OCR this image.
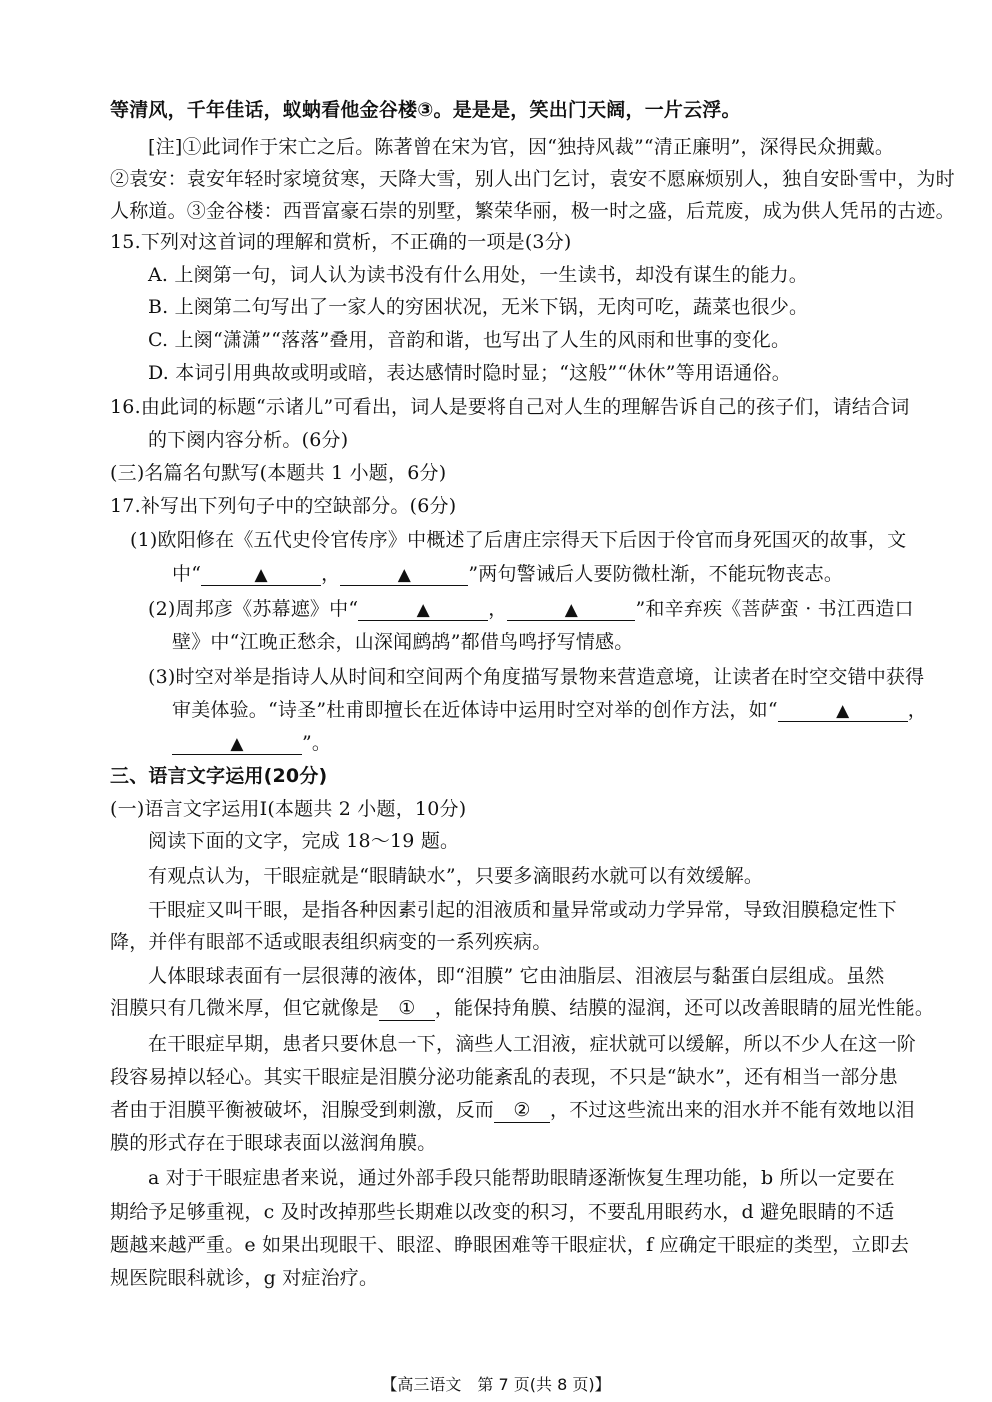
等清风，千年佳话，蚁蚋看他金谷楼③。是是是，笑出门天阔，一片云浮。
[注]①此词作于宋亡之后。陈著曾在宋为官，因“独持风裁”“清正廉明”，深得民众拥戴。
②袁安：袁安年轻时家境贫寒，天降大雪，别人出门乞讨，袁安不愿麻烦别人，独自安卧雪中，为时
人称道。③金谷楼：西晋富豪石崇的别墅，繁荣华丽，极一时之盛，后荒废，成为供人凭吊的古迹。
15.下列对这首词的理解和赏析，不正确的一项是(3分)
A. 上阕第一句，词人认为读书没有什么用处，一生读书，却没有谋生的能力。
B. 上阕第二句写出了一家人的穷困状况，无米下锅，无肉可吃，蔬菜也很少。
C. 上阕“潇潇”“落落”叠用，音韵和谐，也写出了人生的风雨和世事的变化。
D. 本词引用典故或明或暗，表达感情时隐时显；“这般”“休休”等用语通俗。
16.由此词的标题“示诸儿”可看出，词人是要将自己对人生的理解告诉自己的孩子们，请结合词
的下阕内容分析。(6分)
(三)名篇名句默写(本题共 1 小题，6分)
17.补写出下列句子中的空缺部分。(6分)
(1)欧阳修在《五代史伶官传序》中概述了后唐庄宗得天下后因于伶官而身死国灭的故事，文
中“	▲	，	▲	”两句警诫后人要防微杜渐，不能玩物丧志。
(2)周邦彦《苏幕遮》中“	▲	，	▲	”和辛弃疾《菩萨蛮 · 书江西造口
壁》中“江晚正愁余，山深闻鹧鸪”都借鸟鸣抒写情感。
(3)时空对举是指诗人从时间和空间两个角度描写景物来营造意境，让读者在时空交错中获得
审美体验。“诗圣”杜甫即擅长在近体诗中运用时空对举的创作方法，如“	▲	，
▲	”。
三、语言文字运用(20分)
(一)语言文字运用Ⅰ(本题共 2 小题，10分)
阅读下面的文字，完成 18～19 题。
有观点认为，干眼症就是“眼睛缺水”，只要多滴眼药水就可以有效缓解。
干眼症又叫干眼，是指各种因素引起的泪液质和量异常或动力学异常，导致泪膜稳定性下
降，并伴有眼部不适或眼表组织病变的一系列疾病。
人体眼球表面有一层很薄的液体，即“泪膜” 它由油脂层、泪液层与黏蛋白层组成。虽然
泪膜只有几微米厚，但它就像是 ① ，能保持角膜、结膜的湿润，还可以改善眼睛的屈光性能。
在干眼症早期，患者只要休息一下，滴些人工泪液，症状就可以缓解，所以不少人在这一阶
段容易掉以轻心。其实干眼症是泪膜分泌功能紊乱的表现，不只是“缺水”，还有相当一部分患
者由于泪膜平衡被破坏，泪腺受到刺激，反而 ② ，不过这些流出来的泪水并不能有效地以泪
膜的形式存在于眼球表面以滋润角膜。
a 对于干眼症患者来说，通过外部手段只能帮助眼睛逐渐恢复生理功能，b 所以一定要在
期给予足够重视，c 及时改掉那些长期难以改变的积习，不要乱用眼药水，d 避免眼睛的不适
题越来越严重。e 如果出现眼干、眼涩、睁眼困难等干眼症状，f 应确定干眼症的类型，立即去
规医院眼科就诊，g 对症治疗。
【高三语文　第 7 页(共 8 页)】
